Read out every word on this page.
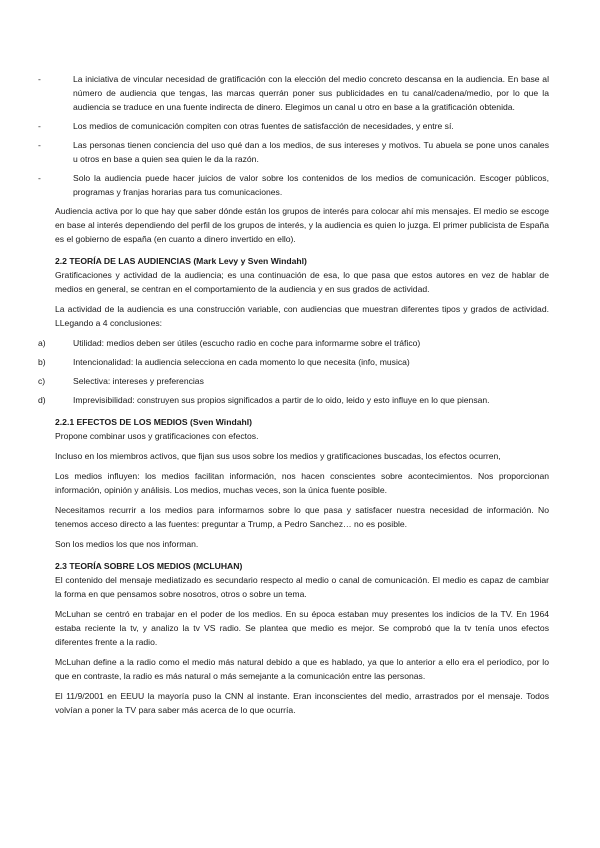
-	La iniciativa de vincular necesidad de gratificación con la elección del medio concreto descansa en la audiencia. En base al número de audiencia que tengas, las marcas querrán poner sus publicidades en tu canal/cadena/medio, por lo que la audiencia se traduce en una fuente indirecta de dinero. Elegimos un canal u otro en base a la gratificación obtenida.
-	Los medios de comunicación compiten con otras fuentes de satisfacción de necesidades, y entre sí.
-	Las personas tienen conciencia del uso qué dan a los medios, de sus intereses y motivos. Tu abuela se pone unos canales u otros en base a quien sea quien le da la razón.
-	Solo la audiencia puede hacer juicios de valor sobre los contenidos de los medios de comunicación. Escoger públicos, programas y franjas horarias para tus comunicaciones.

Audiencia activa por lo que hay que saber dónde están los grupos de interés para colocar ahí mis mensajes. El medio se escoge en base al interés dependiendo del perfil de los grupos de interés, y la audiencia es quien lo juzga. El primer publicista de España es el gobierno de españa (en cuanto a dinero invertido en ello).

2.2 TEORÍA DE LAS AUDIENCIAS (Mark Levy y Sven Windahl)

Gratificaciones y actividad de la audiencia; es una continuación de esa, lo que pasa que estos autores en vez de hablar de medios en general, se centran en el comportamiento de la audiencia y en sus grados de actividad.

La actividad de la audiencia es una construcción variable, con audiencias que muestran diferentes tipos y grados de actividad. LLegando a 4 conclusiones:

a)	Utilidad: medios deben ser útiles (escucho radio en coche para informarme sobre el tráfico)
b)	Intencionalidad: la audiencia selecciona en cada momento lo que necesita (info, musica)
c)	Selectiva: intereses y preferencias
d)	Imprevisibilidad: construyen sus propios significados a partir de lo oido, leido y esto influye en lo que piensan.
2.2.1 EFECTOS DE LOS MEDIOS (Sven Windahl)

Propone combinar usos y gratificaciones con efectos.

Incluso en los miembros activos, que fijan sus usos sobre los medios y gratificaciones buscadas, los efectos ocurren,

Los medios influyen: los medios facilitan información, nos hacen conscientes sobre acontecimientos. Nos proporcionan información, opinión y análisis. Los medios, muchas veces, son la única fuente posible.

Necesitamos recurrir a los medios para informarnos sobre lo que pasa y satisfacer nuestra necesidad de información. No tenemos acceso directo a las fuentes: preguntar a Trump, a Pedro Sanchez… no es posible.

Son los medios los que nos informan.

2.3 TEORÍA SOBRE LOS MEDIOS (MCLUHAN)

El contenido del mensaje mediatizado es secundario respecto al medio o canal de comunicación. El medio es capaz de cambiar la forma en que pensamos sobre nosotros, otros o sobre un tema.

McLuhan se centró en trabajar en el poder de los medios. En su época estaban muy presentes los indicios de la TV. En 1964 estaba reciente la tv, y analizo la tv VS radio. Se plantea que medio es mejor. Se comprobó que la tv tenía unos efectos diferentes frente a la radio.

McLuhan define a la radio como el medio más natural debido a que es hablado, ya que lo anterior a ello era el periodico, por lo que en contraste, la radio es más natural o más semejante a la comunicación entre las personas.

El 11/9/2001 en EEUU la mayoría puso la CNN al instante. Eran inconscientes del medio, arrastrados por el mensaje. Todos volvían a poner la TV para saber más acerca de lo que ocurría.
